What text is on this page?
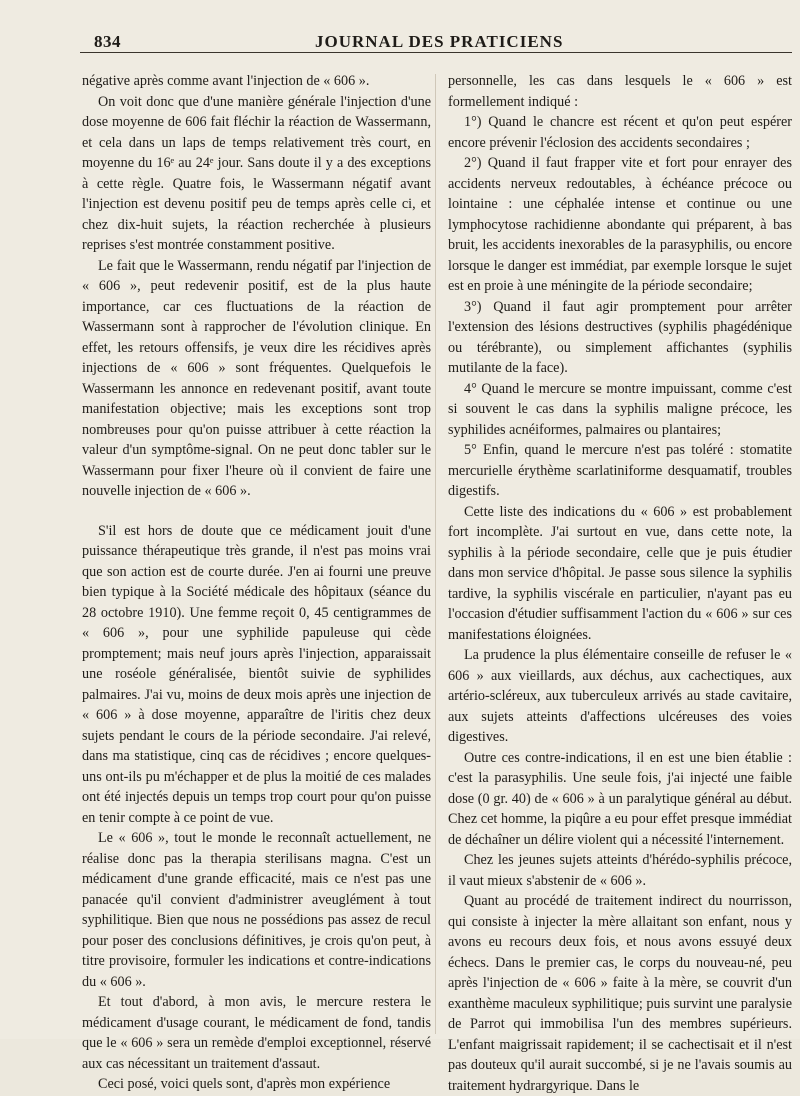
834	JOURNAL DES PRATICIENS

négative après comme avant l'injection de « 606 ».

On voit donc que d'une manière générale l'injection d'une dose moyenne de 606 fait fléchir la réaction de Wassermann, et cela dans un laps de temps relativement très court, en moyenne du 16ᵉ au 24ᵉ jour. Sans doute il y a des exceptions à cette règle. Quatre fois, le Wassermann négatif avant l'injection est devenu positif peu de temps après celle ci, et chez dix-huit sujets, la réaction recherchée à plusieurs reprises s'est montrée constamment positive.

Le fait que le Wassermann, rendu négatif par l'injection de « 606 », peut redevenir positif, est de la plus haute importance, car ces fluctuations de la réaction de Wassermann sont à rapprocher de l'évolution clinique. En effet, les retours offensifs, je veux dire les récidives après injections de « 606 » sont fréquentes. Quelquefois le Wassermann les annonce en redevenant positif, avant toute manifestation objective; mais les exceptions sont trop nombreuses pour qu'on puisse attribuer à cette réaction la valeur d'un symptôme-signal. On ne peut donc tabler sur le Wassermann pour fixer l'heure où il convient de faire une nouvelle injection de « 606 ».

S'il est hors de doute que ce médicament jouit d'une puissance thérapeutique très grande, il n'est pas moins vrai que son action est de courte durée. J'en ai fourni une preuve bien typique à la Société médicale des hôpitaux (séance du 28 octobre 1910). Une femme reçoit 0, 45 centigrammes de « 606 », pour une syphilide papuleuse qui cède promptement; mais neuf jours après l'injection, apparaissait une roséole généralisée, bientôt suivie de syphilides palmaires. J'ai vu, moins de deux mois après une injection de « 606 » à dose moyenne, apparaître de l'iritis chez deux sujets pendant le cours de la période secondaire. J'ai relevé, dans ma statistique, cinq cas de récidives ; encore quelques-uns ont-ils pu m'échapper et de plus la moitié de ces malades ont été injectés depuis un temps trop court pour qu'on puisse en tenir compte à ce point de vue.

Le « 606 », tout le monde le reconnaît actuellement, ne réalise donc pas la therapia sterilisans magna. C'est un médicament d'une grande efficacité, mais ce n'est pas une panacée qu'il convient d'administrer aveuglément à tout syphilitique. Bien que nous ne possédions pas assez de recul pour poser des conclusions définitives, je crois qu'on peut, à titre provisoire, formuler les indications et contre-indications du « 606 ».

Et tout d'abord, à mon avis, le mercure restera le médicament d'usage courant, le médicament de fond, tandis que le « 606 » sera un remède d'emploi exceptionnel, réservé aux cas nécessitant un traitement d'assaut.

Ceci posé, voici quels sont, d'après mon expérience

personnelle, les cas dans lesquels le « 606 » est formellement indiqué :

1°) Quand le chancre est récent et qu'on peut espérer encore prévenir l'éclosion des accidents secondaires ;

2°) Quand il faut frapper vite et fort pour enrayer des accidents nerveux redoutables, à échéance précoce ou lointaine : une céphalée intense et continue ou une lymphocytose rachidienne abondante qui préparent, à bas bruit, les accidents inexorables de la parasyphilis, ou encore lorsque le danger est immédiat, par exemple lorsque le sujet est en proie à une méningite de la période secondaire;

3°) Quand il faut agir promptement pour arrêter l'extension des lésions destructives (syphilis phagédénique ou térébrante), ou simplement affichantes (syphilis mutilante de la face).

4° Quand le mercure se montre impuissant, comme c'est si souvent le cas dans la syphilis maligne précoce, les syphilides acnéiformes, palmaires ou plantaires;

5° Enfin, quand le mercure n'est pas toléré : stomatite mercurielle érythème scarlatiniforme desquamatif, troubles digestifs.

Cette liste des indications du « 606 » est probablement fort incomplète. J'ai surtout en vue, dans cette note, la syphilis à la période secondaire, celle que je puis étudier dans mon service d'hôpital. Je passe sous silence la syphilis tardive, la syphilis viscérale en particulier, n'ayant pas eu l'occasion d'étudier suffisamment l'action du « 606 » sur ces manifestations éloignées.

La prudence la plus élémentaire conseille de refuser le « 606 » aux vieillards, aux déchus, aux cachectiques, aux artério-scléreux, aux tuberculeux arrivés au stade cavitaire, aux sujets atteints d'affections ulcéreuses des voies digestives.

Outre ces contre-indications, il en est une bien établie : c'est la parasyphilis. Une seule fois, j'ai injecté une faible dose (0 gr. 40) de « 606 » à un paralytique général au début. Chez cet homme, la piqûre a eu pour effet presque immédiat de déchaîner un délire violent qui a nécessité l'internement.

Chez les jeunes sujets atteints d'hérédo-syphilis précoce, il vaut mieux s'abstenir de « 606 ».

Quant au procédé de traitement indirect du nourrisson, qui consiste à injecter la mère allaitant son enfant, nous y avons eu recours deux fois, et nous avons essuyé deux échecs. Dans le premier cas, le corps du nouveau-né, peu après l'injection de « 606 » faite à la mère, se couvrit d'un exanthème maculeux syphilitique; puis survint une paralysie de Parrot qui immobilisa l'un des membres supérieurs. L'enfant maigrissait rapidement; il se cachectisait et il n'est pas douteux qu'il aurait succombé, si je ne l'avais soumis au traitement hydrargyrique. Dans le
